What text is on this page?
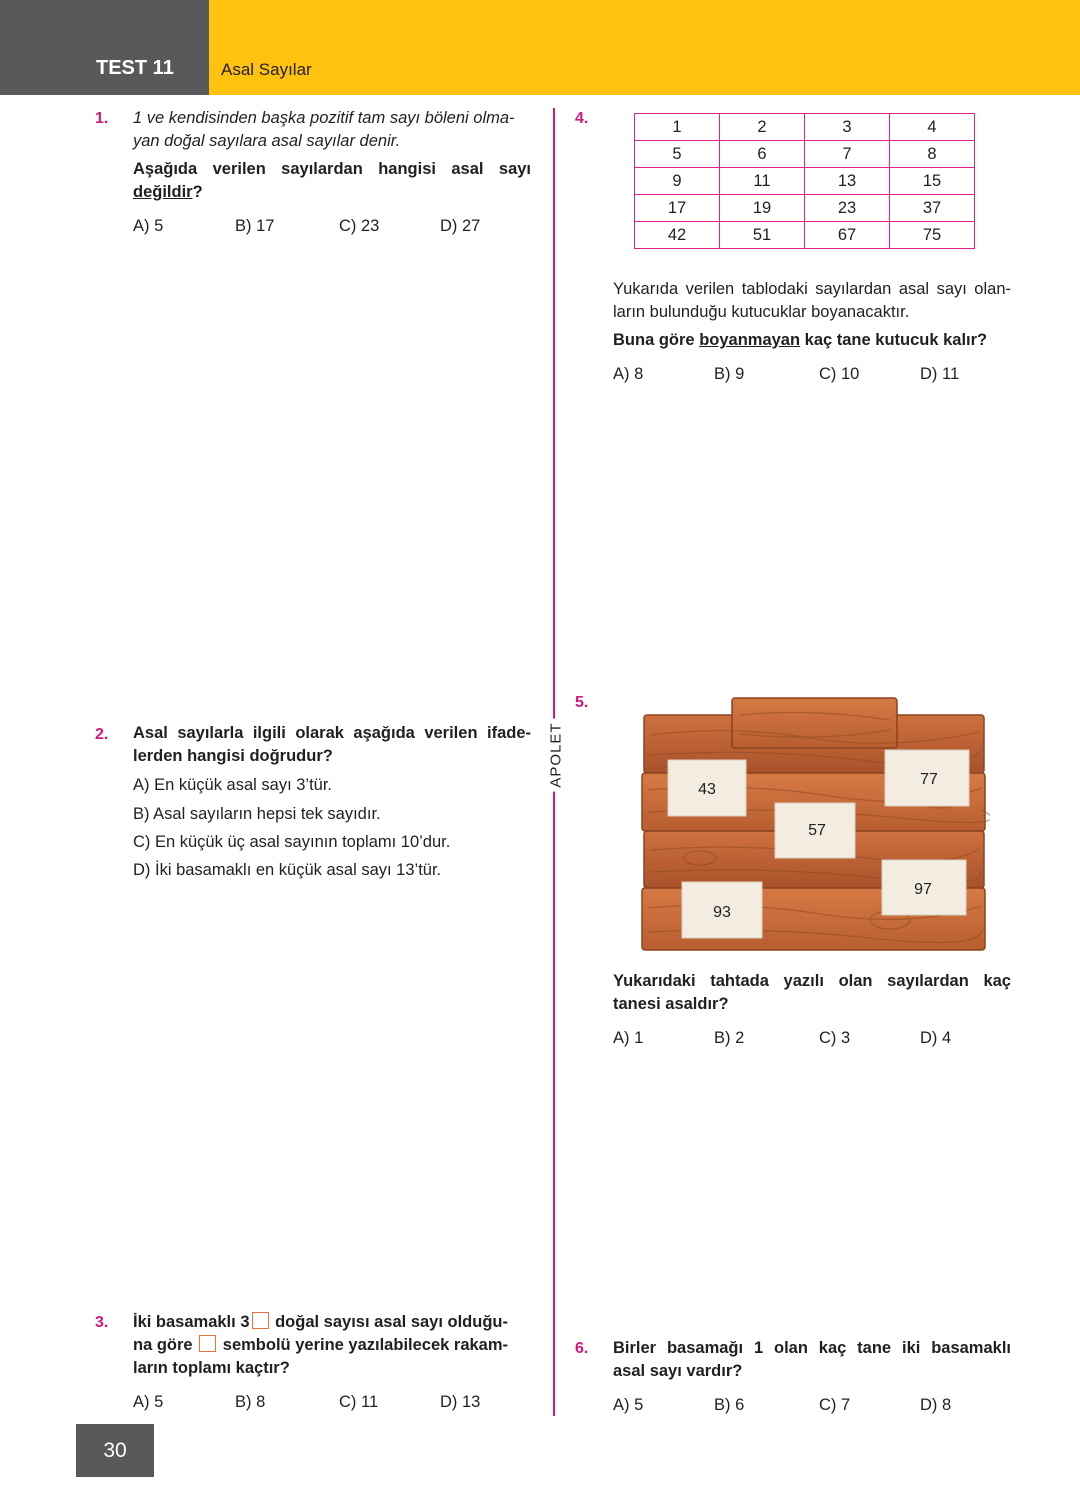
TEST 11	Asal Sayılar
APOLET
1. 1 ve kendisinden başka pozitif tam sayı böleni olma-

yan doğal sayılara asal sayılar denir.

Aşağıda verilen sayılardan hangisi asal sayı

değildir?

A) 5	B) 17	C) 23	D) 27
2. Asal sayılarla ilgili olarak aşağıda verilen ifade-

lerden hangisi doğrudur?

A) En küçük asal sayı 3’tür.
B) Asal sayıların hepsi tek sayıdır.
C) En küçük üç asal sayının toplamı 10’dur.
D) İki basamaklı en küçük asal sayı 13’tür.
3. İki basamaklı 3 doğal sayısı asal sayı olduğu-

na göre  sembolü yerine yazılabilecek rakam-

ların toplamı kaçtır?

A) 5	B) 8	C) 11	D) 13
4.	1	2	3	4
5	6	7	8
9	11	13	15
17	19	23	37
42	51	67	75

Yukarıda verilen tablodaki sayılardan asal sayı olan-

ların bulunduğu kutucuklar boyanacaktır.

Buna göre boyanmayan kaç tane kutucuk kalır?

A) 8	B) 9	C) 10	D) 11
5.
43
77
57
97
93

Yukarıdaki tahtada yazılı olan sayılardan kaç

tanesi asaldır?

A) 1	B) 2	C) 3	D) 4
6. Birler basamağı 1 olan kaç tane iki basamaklı

asal sayı vardır?

A) 5	B) 6	C) 7	D) 8
30
